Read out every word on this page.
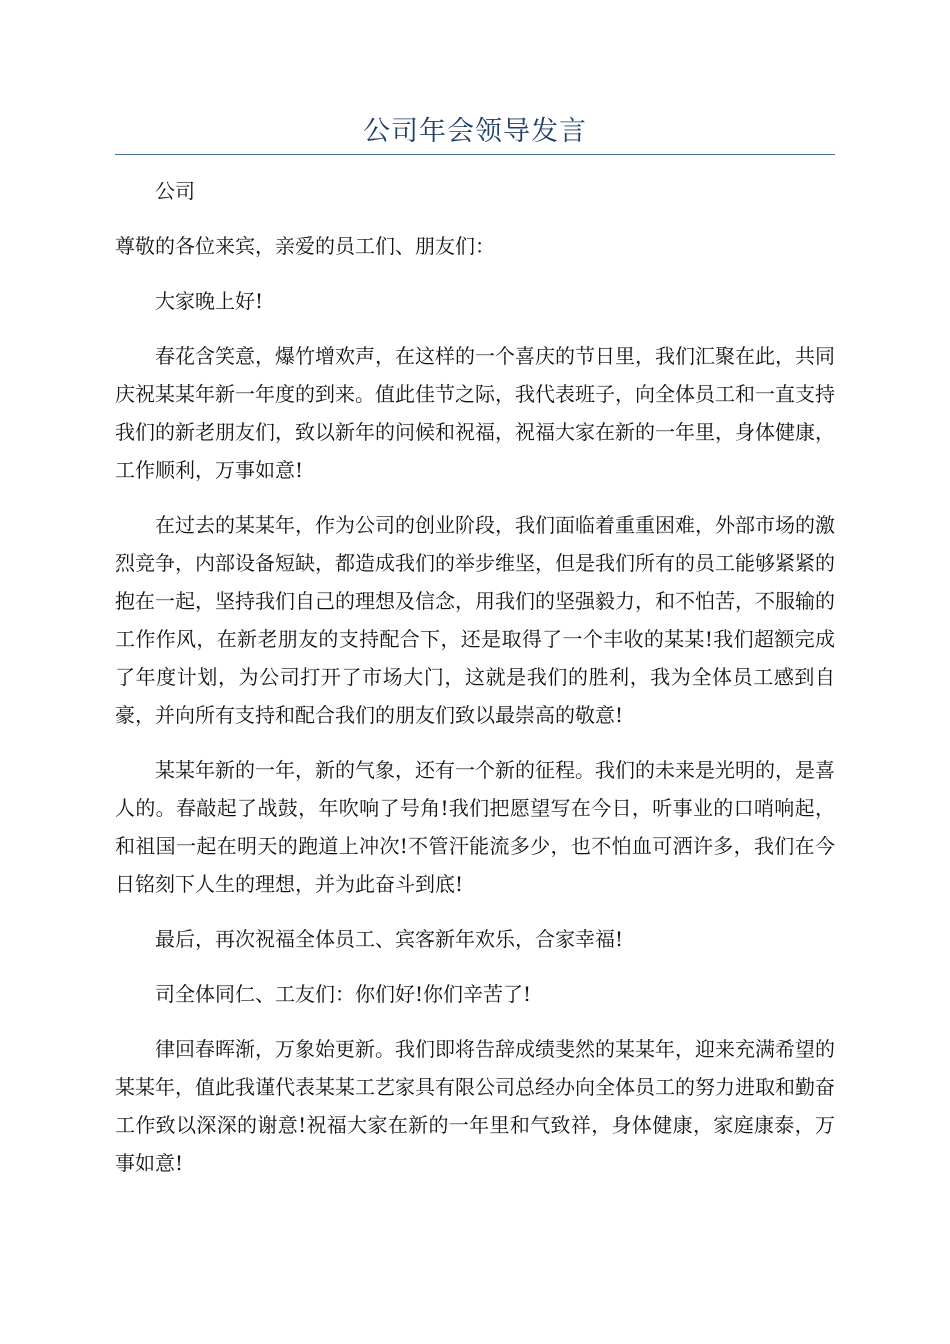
公司年会领导发言

公司

尊敬的各位来宾，亲爱的员工们、朋友们：

大家晚上好!

春花含笑意，爆竹增欢声，在这样的一个喜庆的节日里，我们汇聚在此，共同庆祝某某年新一年度的到来。值此佳节之际，我代表班子，向全体员工和一直支持我们的新老朋友们，致以新年的问候和祝福，祝福大家在新的一年里，身体健康，工作顺利，万事如意!

在过去的某某年，作为公司的创业阶段，我们面临着重重困难，外部市场的激烈竞争，内部设备短缺，都造成我们的举步维坚，但是我们所有的员工能够紧紧的抱在一起，坚持我们自己的理想及信念，用我们的坚强毅力，和不怕苦，不服输的工作作风，在新老朋友的支持配合下，还是取得了一个丰收的某某!我们超额完成了年度计划，为公司打开了市场大门，这就是我们的胜利，我为全体员工感到自豪，并向所有支持和配合我们的朋友们致以最崇高的敬意!

某某年新的一年，新的气象，还有一个新的征程。我们的未来是光明的，是喜人的。春敲起了战鼓，年吹响了号角!我们把愿望写在今日，听事业的口哨响起，和祖国一起在明天的跑道上冲次!不管汗能流多少，也不怕血可洒许多，我们在今日铭刻下人生的理想，并为此奋斗到底!

最后，再次祝福全体员工、宾客新年欢乐，合家幸福!

司全体同仁、工友们：你们好!你们辛苦了!

律回春晖渐，万象始更新。我们即将告辞成绩斐然的某某年，迎来充满希望的某某年，值此我谨代表某某工艺家具有限公司总经办向全体员工的努力进取和勤奋工作致以深深的谢意!祝福大家在新的一年里和气致祥，身体健康，家庭康泰，万事如意!
